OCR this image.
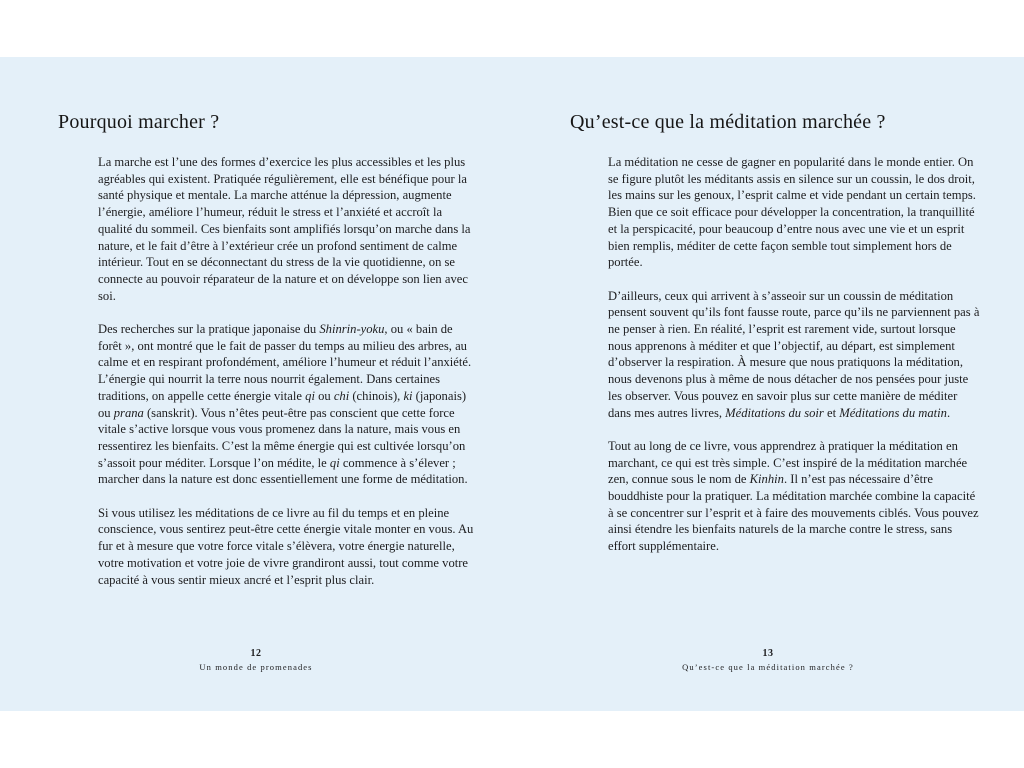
Pourquoi marcher ?

La marche est l’une des formes d’exercice les plus accessibles et les plus agréables qui existent. Pratiquée régulièrement, elle est bénéfique pour la santé physique et mentale. La marche atténue la dépression, augmente l’énergie, améliore l’humeur, réduit le stress et l’anxiété et accroît la qualité du sommeil. Ces bienfaits sont amplifiés lorsqu’on marche dans la nature, et le fait d’être à l’extérieur crée un profond sentiment de calme intérieur. Tout en se déconnectant du stress de la vie quotidienne, on se connecte au pouvoir réparateur de la nature et on développe son lien avec soi.

Des recherches sur la pratique japonaise du Shinrin-yoku, ou « bain de forêt », ont montré que le fait de passer du temps au milieu des arbres, au calme et en respirant profondément, améliore l’humeur et réduit l’anxiété. L’énergie qui nourrit la terre nous nourrit également. Dans certaines traditions, on appelle cette énergie vitale qi ou chi (chinois), ki (japonais) ou prana (sanskrit). Vous n’êtes peut-être pas conscient que cette force vitale s’active lorsque vous vous promenez dans la nature, mais vous en ressentirez les bienfaits. C’est la même énergie qui est cultivée lorsqu’on s’assoit pour méditer. Lorsque l’on médite, le qi commence à s’élever ; marcher dans la nature est donc essentiellement une forme de méditation.

Si vous utilisez les méditations de ce livre au fil du temps et en pleine conscience, vous sentirez peut-être cette énergie vitale monter en vous. Au fur et à mesure que votre force vitale s’élèvera, votre énergie naturelle, votre motivation et votre joie de vivre grandiront aussi, tout comme votre capacité à vous sentir mieux ancré et l’esprit plus clair.

12
Un monde de promenades
Qu’est-ce que la méditation marchée ?

La méditation ne cesse de gagner en popularité dans le monde entier. On se figure plutôt les méditants assis en silence sur un coussin, le dos droit, les mains sur les genoux, l’esprit calme et vide pendant un certain temps. Bien que ce soit efficace pour développer la concentration, la tranquillité et la perspicacité, pour beaucoup d’entre nous avec une vie et un esprit bien remplis, méditer de cette façon semble tout simplement hors de portée.

D’ailleurs, ceux qui arrivent à s’asseoir sur un coussin de méditation pensent souvent qu’ils font fausse route, parce qu’ils ne parviennent pas à ne penser à rien. En réalité, l’esprit est rarement vide, surtout lorsque nous apprenons à méditer et que l’objectif, au départ, est simplement d’observer la respiration. À mesure que nous pratiquons la méditation, nous devenons plus à même de nous détacher de nos pensées pour juste les observer. Vous pouvez en savoir plus sur cette manière de méditer dans mes autres livres, Méditations du soir et Méditations du matin.

Tout au long de ce livre, vous apprendrez à pratiquer la méditation en marchant, ce qui est très simple. C’est inspiré de la méditation marchée zen, connue sous le nom de Kinhin. Il n’est pas nécessaire d’être bouddhiste pour la pratiquer. La méditation marchée combine la capacité à se concentrer sur l’esprit et à faire des mouvements ciblés. Vous pouvez ainsi étendre les bienfaits naturels de la marche contre le stress, sans effort supplémentaire.

13
Qu’est-ce que la méditation marchée ?
